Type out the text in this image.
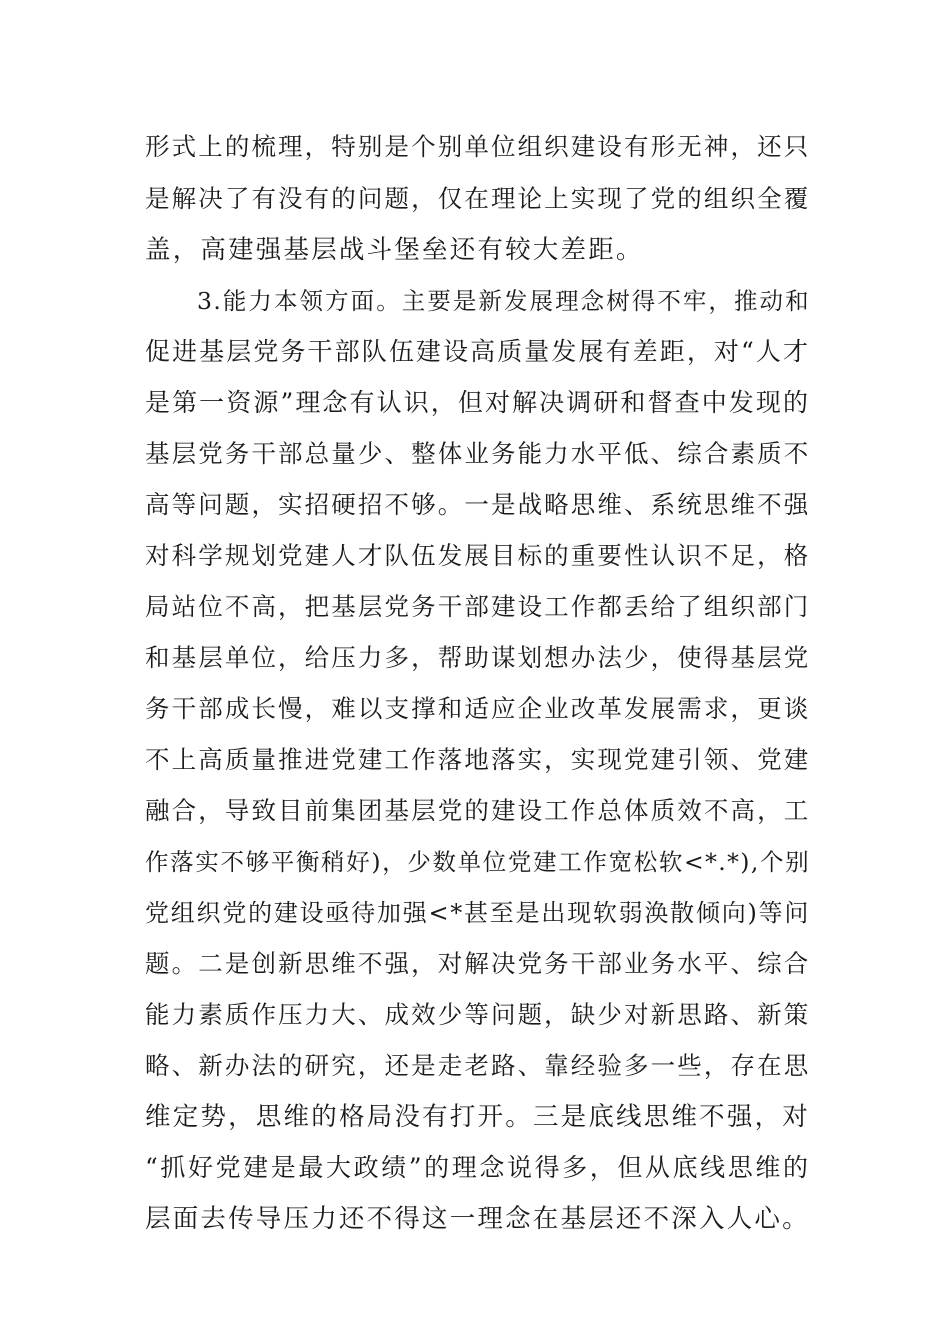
形式上的梳理，特别是个别单位组织建设有形无神，还只
是解决了有没有的问题，仅在理论上实现了党的组织全覆
盖，高建强基层战斗堡垒还有较大差距。
3.能力本领方面。主要是新发展理念树得不牢，推动和
促进基层党务干部队伍建设高质量发展有差距，对“人才
是第一资源”理念有认识，但对解决调研和督查中发现的
基层党务干部总量少、整体业务能力水平低、综合素质不
高等问题，实招硬招不够。一是战略思维、系统思维不强
对科学规划党建人才队伍发展目标的重要性认识不足，格
局站位不高，把基层党务干部建设工作都丢给了组织部门
和基层单位，给压力多，帮助谋划想办法少，使得基层党
务干部成长慢，难以支撑和适应企业改革发展需求，更谈
不上高质量推进党建工作落地落实，实现党建引领、党建
融合，导致目前集团基层党的建设工作总体质效不高，工
作落实不够平衡稍好)，少数单位党建工作宽松软<*.*),个别
党组织党的建设亟待加强<*甚至是出现软弱涣散倾向)等问
题。二是创新思维不强，对解决党务干部业务水平、综合
能力素质作压力大、成效少等问题，缺少对新思路、新策
略、新办法的研究，还是走老路、靠经验多一些，存在思
维定势，思维的格局没有打开。三是底线思维不强，对
“抓好党建是最大政绩”的理念说得多，但从底线思维的
层面去传导压力还不得这一理念在基层还不深入人心。
